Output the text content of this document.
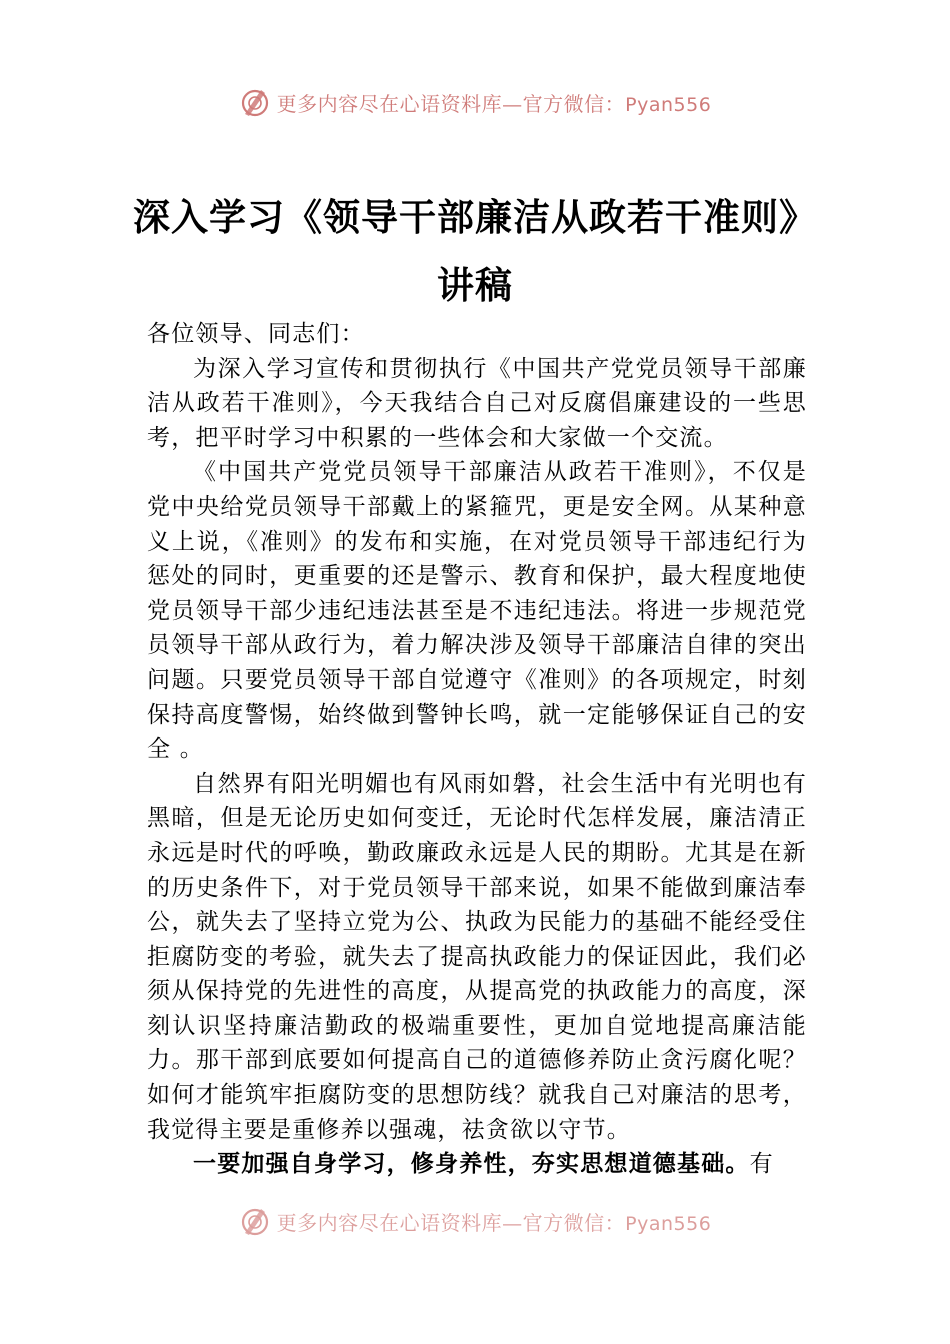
更多内容尽在心语资料库—官方微信：Pyan556
深入学习《领导干部廉洁从政若干准则》
讲稿

各位领导、同志们：

为深入学习宣传和贯彻执行《中国共产党党员领导干部廉洁从政若干准则》，今天我结合自己对反腐倡廉建设的一些思考，把平时学习中积累的一些体会和大家做一个交流。

《中国共产党党员领导干部廉洁从政若干准则》，不仅是党中央给党员领导干部戴上的紧箍咒，更是安全网。从某种意义上说，《准则》的发布和实施，在对党员领导干部违纪行为惩处的同时，更重要的还是警示、教育和保护，最大程度地使党员领导干部少违纪违法甚至是不违纪违法。将进一步规范党员领导干部从政行为，着力解决涉及领导干部廉洁自律的突出问题。只要党员领导干部自觉遵守《准则》的各项规定，时刻保持高度警惕，始终做到警钟长鸣，就一定能够保证自己的安全 。

自然界有阳光明媚也有风雨如磐，社会生活中有光明也有黑暗，但是无论历史如何变迁，无论时代怎样发展，廉洁清正永远是时代的呼唤，勤政廉政永远是人民的期盼。尤其是在新的历史条件下，对于党员领导干部来说，如果不能做到廉洁奉公，就失去了坚持立党为公、执政为民能力的基础不能经受住拒腐防变的考验，就失去了提高执政能力的保证因此，我们必须从保持党的先进性的高度，从提高党的执政能力的高度，深刻认识坚持廉洁勤政的极端重要性，更加自觉地提高廉洁能力。那干部到底要如何提高自己的道德修养防止贪污腐化呢？如何才能筑牢拒腐防变的思想防线？就我自己对廉洁的思考，我觉得主要是重修养以强魂，祛贪欲以守节。

一要加强自身学习，修身养性，夯实思想道德基础。有

更多内容尽在心语资料库—官方微信：Pyan556
